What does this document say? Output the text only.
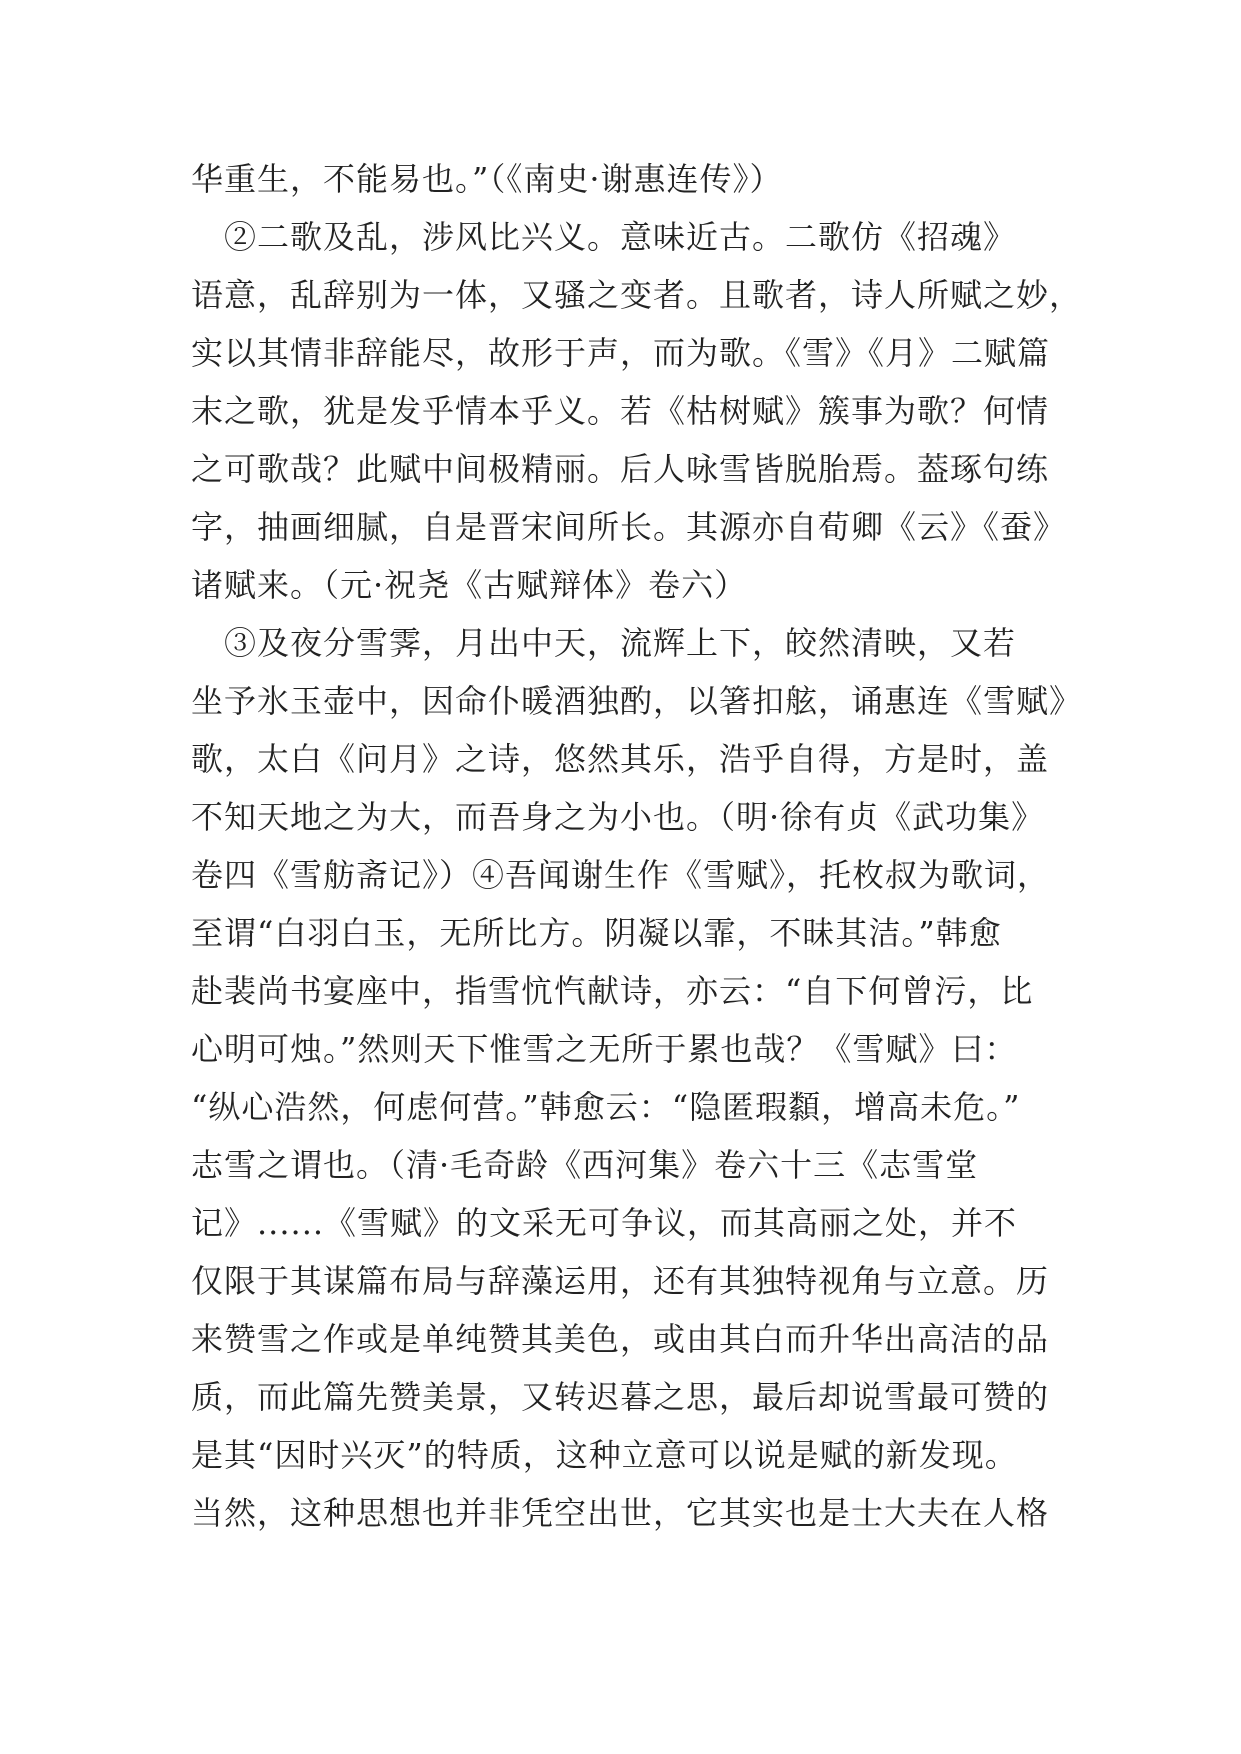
华重生，不能易也。”（《南史·谢惠连传》）
　②二歌及乱，涉风比兴义。意味近古。二歌仿《招魂》
语意，乱辞别为一体，又骚之变者。且歌者，诗人所赋之妙，
实以其情非辞能尽，故形于声，而为歌。《雪》《月》二赋篇
末之歌，犹是发乎情本乎义。若《枯树赋》簇事为歌？何情
之可歌哉？此赋中间极精丽。后人咏雪皆脱胎焉。葢琢句练
字，抽画细腻，自是晋宋间所长。其源亦自荀卿《云》《蚕》
诸赋来。（元·祝尧《古赋辩体》卷六）
　③及夜分雪霁，月出中天，流辉上下，皎然清映，又若
坐予氷玉壶中，因命仆暖酒独酌，以箸扣舷，诵惠连《雪赋》
歌，太白《问月》之诗，悠然其乐，浩乎自得，方是时，盖
不知天地之为大，而吾身之为小也。（明·徐有贞《武功集》
卷四《雪舫斋记》）④吾闻谢生作《雪赋》，托枚叔为歌词，
至谓“白羽白玉，无所比方。阴凝以霏，不昧其洁。”韩愈
赴裴尚书宴座中，指雪忼忾献诗，亦云：“自下何曾污，比
心明可烛。”然则天下惟雪之无所于累也哉？《雪赋》曰：
“纵心浩然，何虑何营。”韩愈云：“隐匿瑕纇，增高未危。”
志雪之谓也。（清·毛奇龄《西河集》卷六十三《志雪堂
记》......《雪赋》的文采无可争议，而其高丽之处，并不
仅限于其谋篇布局与辞藻运用，还有其独特视角与立意。历
来赞雪之作或是单纯赞其美色，或由其白而升华出高洁的品
质，而此篇先赞美景，又转迟暮之思，最后却说雪最可赞的
是其“因时兴灭”的特质，这种立意可以说是赋的新发现。
当然，这种思想也并非凭空出世，它其实也是士大夫在人格
